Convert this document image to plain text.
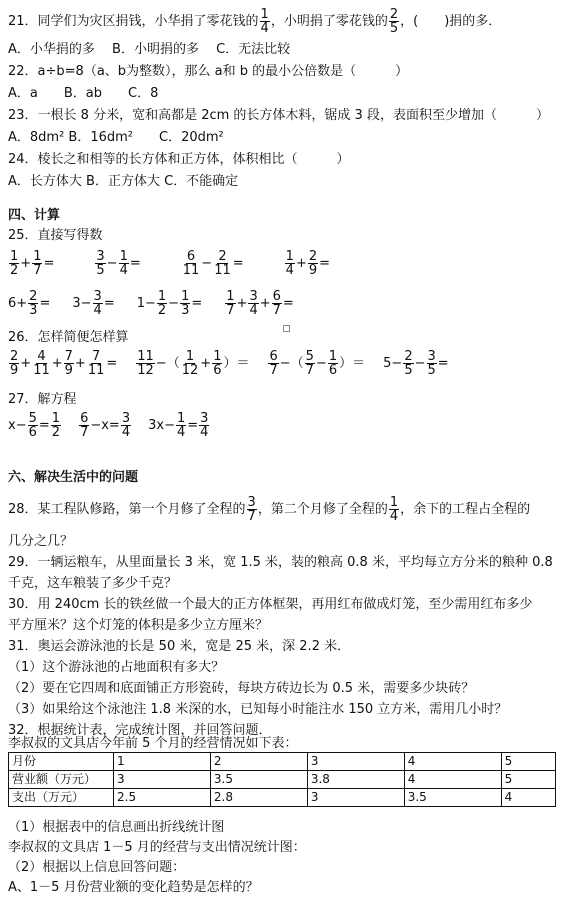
21．同学们为灾区捐钱，小华捐了零花钱的 $\frac{1}{4}$ ，小明捐了零花钱的 $\frac{2}{5}$ ，(　　)捐的多．
A．小华捐的多　 B．小明捐的多　 C．无法比较
22．a÷b=8（a、b为整数），那么 a和 b 的最小公倍数是（　　　）
A．a　　B．ab　　C．8
23．一根长 8 分米，宽和高都是 2cm 的长方体木料，锯成 3 段，表面积至少增加（　　　）
A．8dm² B．16dm²　　C．20dm²
24．棱长之和相等的长方体和正方体，体积相比（　　　）
A．长方体大 B．正方体大 C．不能确定
四、计算
25．直接写得数
$\frac{1}{2} + \frac{1}{7}$ =	$\frac{3}{5} - \frac{1}{4}$ =	$\frac{6}{11} - \frac{2}{11}$ =	$\frac{1}{4} + \frac{2}{9}$ =
$6+ \frac{2}{3} = 3- \frac{3}{4} = 1- \frac{1}{2} - \frac{1}{3} = \frac{1}{7} + \frac{3}{4} + \frac{6}{7}$ =
26．怎样简便怎样算
$\frac{2}{9} + \frac{4}{11} + \frac{7}{9} + \frac{7}{11} = \frac{11}{12}$ −（ $\frac{1}{12} + \frac{1}{6}$ ）＝ $\frac{6}{7}$ −（ $\frac{5}{7} - \frac{1}{6}$ ）＝ $5- \frac{2}{5} - \frac{3}{5}$ =
27．解方程
$x- \frac{5}{6} = \frac{1}{2} \frac{6}{7} -x= \frac{3}{4} 3x- \frac{1}{4} = \frac{3}{4}$
六、解决生活中的问题
28．某工程队修路，第一个月修了全程的 $\frac{3}{7}$ ，第二个月修了全程的 $\frac{1}{4}$ ，余下的工程占全程的
几分之几？
29．一辆运粮车，从里面量长 3 米，宽 1.5 米，装的粮高 0.8 米，平均每立方分米的粮种 0.8
千克，这车粮装了多少千克？
30．用 240cm 长的铁丝做一个最大的正方体框架，再用红布做成灯笼，至少需用红布多少
平方厘米？这个灯笼的体积是多少立方厘米？
31．奥运会游泳池的长是 50 米，宽是 25 米，深 2.2 米．
（1）这个游泳池的占地面积有多大？
（2）要在它四周和底面铺正方形瓷砖，每块方砖边长为 0.5 米，需要多少块砖？
（3）如果给这个泳池注 1.8 米深的水，已知每小时能注水 150 立方米，需用几小时？
32．根据统计表，完成统计图，并回答问题．
李叔叔的文具店今年前 5 个月的经营情况如下表：
月份	1	2	3	4	5
营业额（万元）	3	3.5	3.8	4	5
支出（万元）	2.5	2.8	3	3.5	4
（1）根据表中的信息画出折线统计图
李叔叔的文具店 1－5 月的经营与支出情况统计图：
（2）根据以上信息回答问题：
A、1－5 月份营业额的变化趋势是怎样的？
